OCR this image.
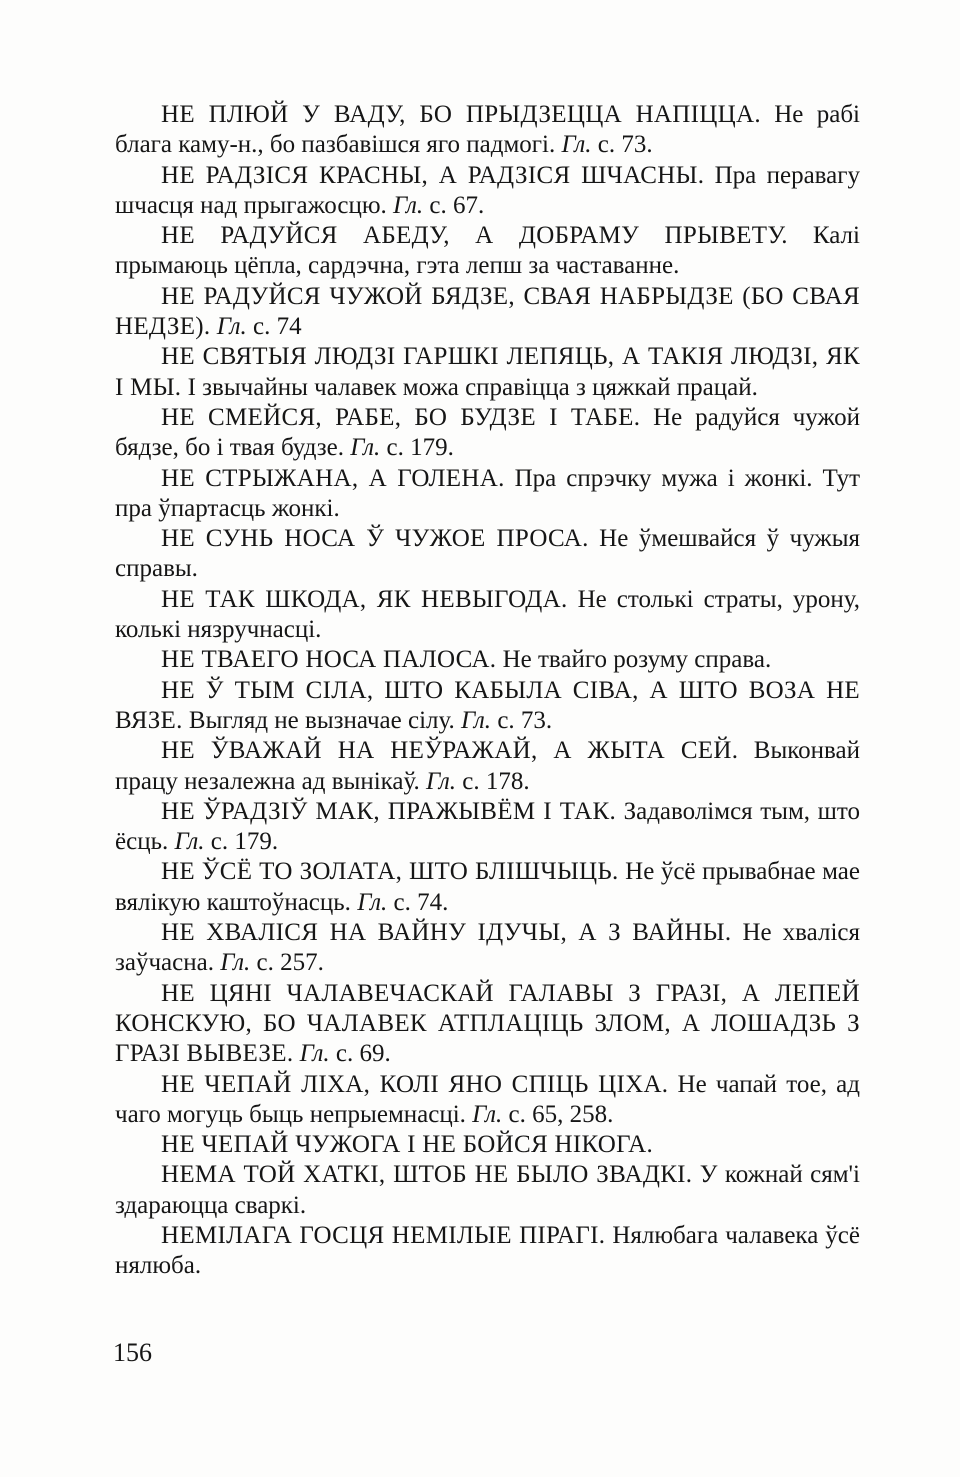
НЕ ПЛЮЙ У ВАДУ, БО ПРЫДЗЕЦЦА НАПІЦЦА. Не рабі блага каму-н., бо пазбавішся яго падмогі. Гл. с. 73.

НЕ РАДЗІСЯ КРАСНЫ, А РАДЗІСЯ ШЧАСНЫ. Пра перавагу шчасця над прыгажосцю. Гл. с. 67.

НЕ РАДУЙСЯ АБЕДУ, А ДОБРАМУ ПРЫВЕТУ. Калі прымаюць цёпла, сардэчна, гэта лепш за частаванне.

НЕ РАДУЙСЯ ЧУЖОЙ БЯДЗЕ, СВАЯ НАБРЫДЗЕ (БО СВАЯ НЕДЗЕ). Гл. с. 74

НЕ СВЯТЫЯ ЛЮДЗІ ГАРШКІ ЛЕПЯЦЬ, А ТАКІЯ ЛЮДЗІ, ЯК І МЫ. І звычайны чалавек можа справіцца з цяжкай працай.

НЕ СМЕЙСЯ, РАБЕ, БО БУДЗЕ І ТАБЕ. Не радуйся чужой бядзе, бо і твая будзе. Гл. с. 179.

НЕ СТРЫЖАНА, А ГОЛЕНА. Пра спрэчку мужа і жонкі. Тут пра ўпартасць жонкі.

НЕ СУНЬ НОСА Ў ЧУЖОЕ ПРОСА. Не ўмешвайся ў чужыя справы.

НЕ ТАК ШКОДА, ЯК НЕВЫГОДА. Не столькі страты, урону, колькі нязручнасці.

НЕ ТВАЕГО НОСА ПАЛОСА. Не твайго розуму справа.

НЕ Ў ТЫМ СІЛА, ШТО КАБЫЛА СІВА, А ШТО ВОЗА НЕ ВЯЗЕ. Выгляд не вызначае сілу. Гл. с. 73.

НЕ ЎВАЖАЙ НА НЕЎРАЖАЙ, А ЖЫТА СЕЙ. Выконвай працу незалежна ад вынікаў. Гл. с. 178.

НЕ ЎРАДЗІЎ МАК, ПРАЖЫВЁМ І ТАК. Задаволімся тым, што ёсць. Гл. с. 179.

НЕ ЎСЁ ТО ЗОЛАТА, ШТО БЛІШЧЫЦЬ. Не ўсё прывабнае мае вялікую каштоўнасць. Гл. с. 74.

НЕ ХВАЛІСЯ НА ВАЙНУ ІДУЧЫ, А З ВАЙНЫ. Не хваліся заўчасна. Гл. с. 257.

НЕ ЦЯНІ ЧАЛАВЕЧАСКАЙ ГАЛАВЫ З ГРАЗІ, А ЛЕПЕЙ КОНСКУЮ, БО ЧАЛАВЕК АТПЛАЦІЦЬ ЗЛОМ, А ЛОШАДЗЬ З ГРАЗІ ВЫВЕЗЕ. Гл. с. 69.

НЕ ЧЕПАЙ ЛІХА, КОЛІ ЯНО СПІЦЬ ЦІХА. Не чапай тое, ад чаго могуць быць непрыемнасці. Гл. с. 65, 258.

НЕ ЧЕПАЙ ЧУЖОГА І НЕ БОЙСЯ НІКОГА.

НЕМА ТОЙ ХАТКІ, ШТОБ НЕ БЫЛО ЗВАДКІ. У кожнай сям'і здараюцца сваркі.

НЕМІЛАГА ГОСЦЯ НЕМІЛЫЕ ПІРАГІ. Нялюбага чалавека ўсё нялюба.

156
